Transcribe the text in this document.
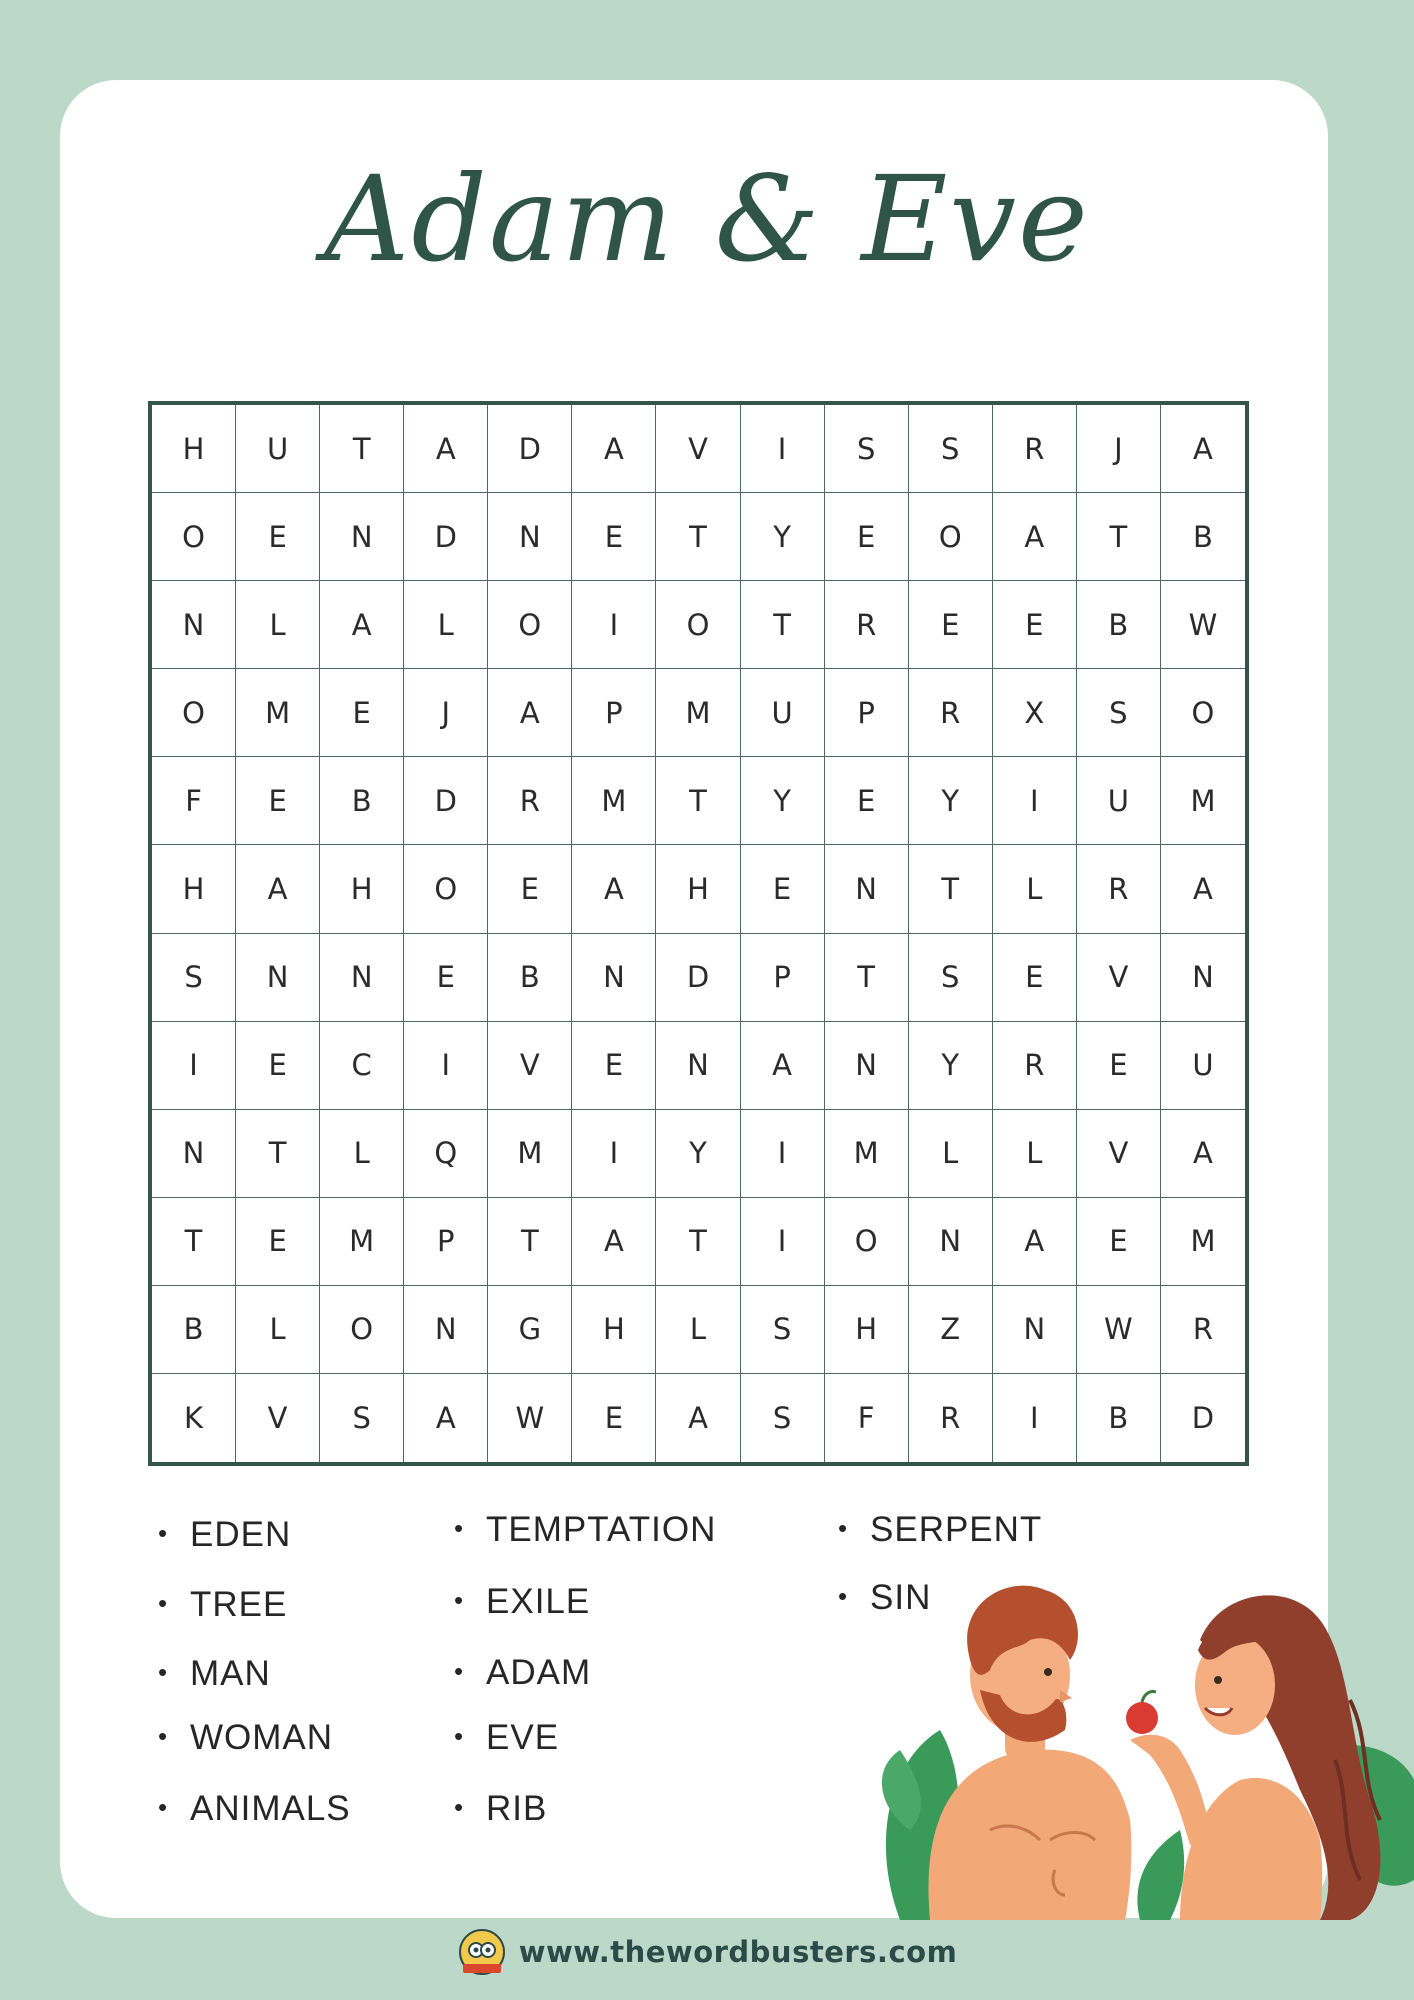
Adam & Eve
H	U	T	A	D	A	V	I	S	S	R	J	A
O	E	N	D	N	E	T	Y	E	O	A	T	B
N	L	A	L	O	I	O	T	R	E	E	B	W
O	M	E	J	A	P	M	U	P	R	X	S	O
F	E	B	D	R	M	T	Y	E	Y	I	U	M
H	A	H	O	E	A	H	E	N	T	L	R	A
S	N	N	E	B	N	D	P	T	S	E	V	N
I	E	C	I	V	E	N	A	N	Y	R	E	U
N	T	L	Q	M	I	Y	I	M	L	L	V	A
T	E	M	P	T	A	T	I	O	N	A	E	M
B	L	O	N	G	H	L	S	H	Z	N	W	R
K	V	S	A	W	E	A	S	F	R	I	B	D
• EDEN
• TREE
• MAN
• WOMAN
• ANIMALS
• TEMPTATION
• EXILE
• ADAM
• EVE
• RIB
• SERPENT
• SIN
www.thewordbusters.com
